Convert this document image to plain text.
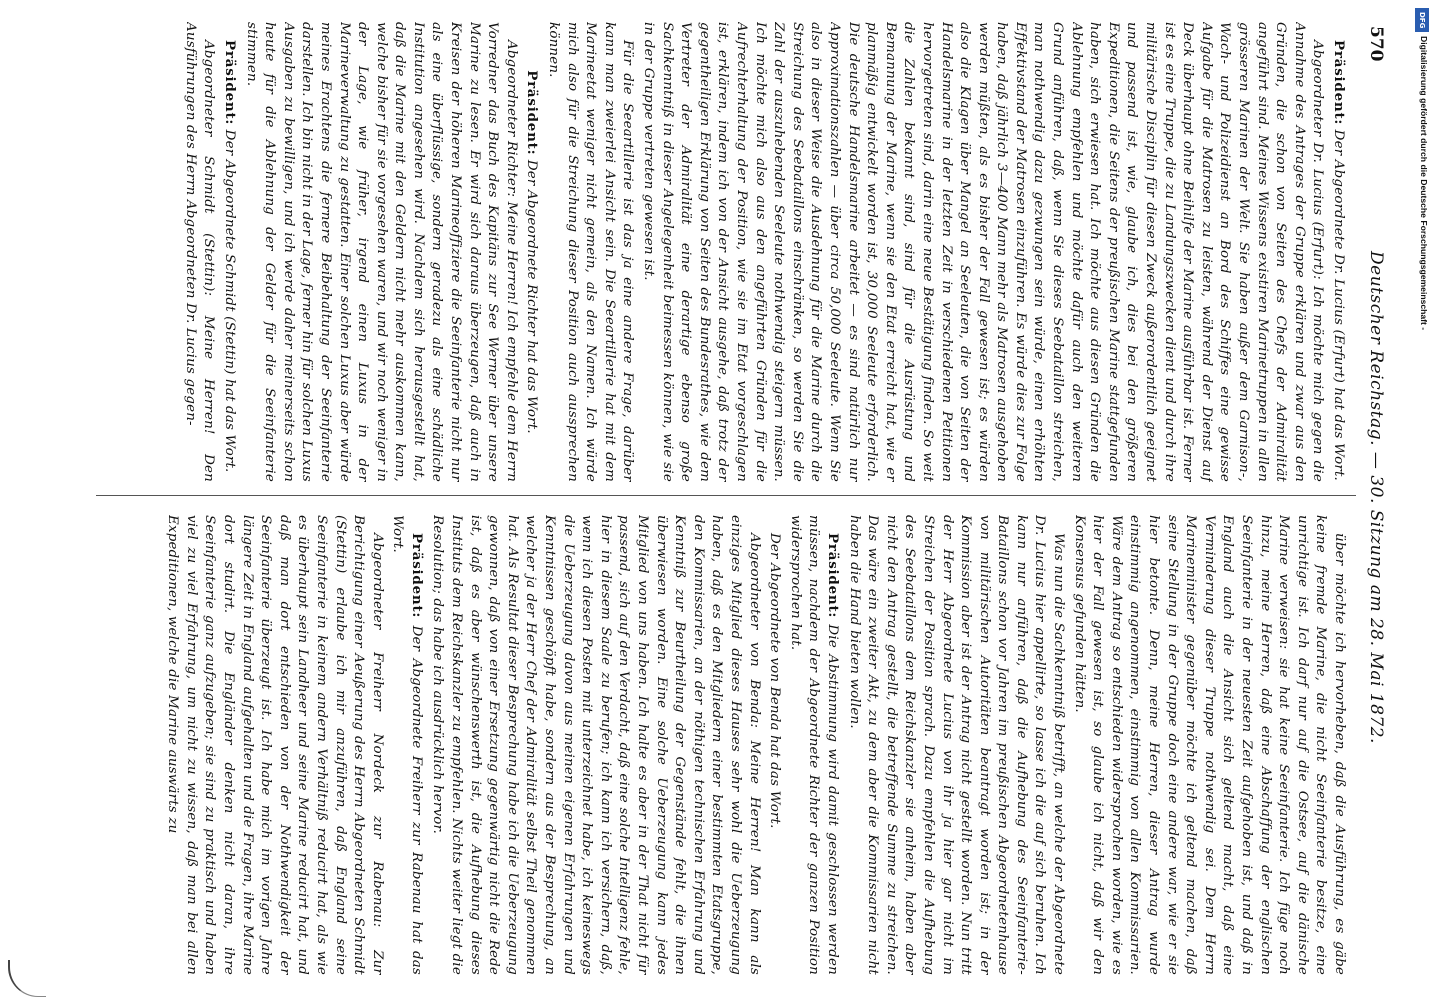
570
Deutscher Reichstag. — 30. Sitzung am 28. Mai 1872.

Präsident: Der Abgeordnete Dr. Lucius (Erfurt) hat das Wort.

Abgeordneter Dr. Lucius (Erfurt): Ich möchte mich gegen die Annahme des Antrages der Gruppe erklären und zwar aus den Gründen, die schon von Seiten des Chefs der Admiralität angeführt sind. Meines Wissens existiren Marinetruppen in allen grösseren Marinen der Welt. Sie haben außer dem Garnison-, Wach- und Polizeidienst an Bord des Schiffes eine gewisse Aufgabe für die Matrosen zu leisten, während der Dienst auf Deck überhaupt ohne Beihilfe der Marine ausführbar ist. Ferner ist es eine Truppe, die zu Landungszwecken dient und durch ihre militärische Disciplin für diesen Zweck außerordentlich geeignet und passend ist, wie, glaube ich, dies bei den größeren Expeditionen, die Seitens der preußischen Marine stattgefunden haben, sich erwiesen hat. Ich möchte aus diesen Gründen die Ablehnung empfehlen und möchte dafür auch den weiteren Grund anführen, daß, wenn Sie dieses Seebataillon streichen, man nothwendig dazu gezwungen sein würde, einen erhöhten Effektivstand der Matrosen einzuführen. Es würde dies zur Folge haben, daß jährlich 3—400 Mann mehr als Matrosen ausgehoben werden müßten, als es bisher der Fall gewesen ist; es würden also die Klagen über Mangel an Seeleuten, die von Seiten der Handelsmarine in der letzten Zeit in verschiedenen Petitionen hervorgetreten sind, darin eine neue Bestätigung finden. So weit die Zahlen bekannt sind, sind für die Ausrüstung und Bemannung der Marine, wenn sie den Etat erreicht hat, wie er planmäßig entwickelt worden ist, 30,000 Seeleute erforderlich. Die deutsche Handelsmarine arbeitet — es sind natürlich nur Approximationszahlen — über circa 50,000 Seeleute. Wenn Sie also in dieser Weise die Ausdehnung für die Marine durch die Streichung des Seebataillons einschränken, so werden Sie die Zahl der auszuhebenden Seeleute nothwendig steigern müssen. Ich möchte mich also aus den angeführten Gründen für die Aufrechterhaltung der Position, wie sie im Etat vorgeschlagen ist, erklären, indem ich von der Ansicht ausgehe, daß trotz der gegentheiligen Erklärung von Seiten des Bundesrathes, wie dem Vertreter der Admiralität eine derartige ebenso große Sachkenntniß in dieser Angelegenheit beimessen können, wie sie in der Gruppe vertreten gewesen ist.

Für die Seeartillerie ist das ja eine andere Frage, darüber kann man zweierlei Ansicht sein. Die Seeartillerie hat mit dem Marineetat weniger nicht gemein, als den Namen. Ich würde mich also für die Streichung dieser Position auch aussprechen können.

Präsident: Der Abgeordnete Richter hat das Wort.

Abgeordneter Richter: Meine Herren! Ich empfehle dem Herrn Vorredner das Buch des Kapitäns zur See Werner über unsere Marine zu lesen. Er wird sich daraus überzeugen, daß auch in Kreisen der höheren Marineoffiziere die Seeinfanterie nicht nur als eine überflüssige, sondern geradezu als eine schädliche Institution angesehen wird. Nachdem sich herausgestellt hat, daß die Marine mit den Geldern nicht mehr auskommen kann, welche bisher für sie vorgesehen waren, und wir noch weniger in der Lage, wie früher, irgend einen Luxus in der Marineverwaltung zu gestatten. Einer solchen Luxus aber würde meines Erachtens die fernere Beibehaltung der Seeinfanterie darstellen. Ich bin nicht in der Lage, ferner hin für solchen Luxus Ausgaben zu bewilligen, und ich werde daher meinerseits schon heute für die Ablehnung der Gelder für die Seeinfanterie stimmen.

Präsident: Der Abgeordnete Schmidt (Stettin) hat das Wort.

Abgeordneter Schmidt (Stettin): Meine Herren! Den Ausführungen des Herrn Abgeordneten Dr. Lucius gegen-

über möchte ich hervorheben, daß die Ausführung, es gäbe keine fremde Marine, die nicht Seeinfanterie besitze, eine unrichtige ist. Ich darf nur auf die Ostsee, auf die dänische Marine verweisen: sie hat keine Seeinfanterie. Ich füge noch hinzu, meine Herren, daß eine Abschaffung der englischen Seeinfanterie in der neuesten Zeit aufgehoben ist, und daß in England auch die Ansicht sich geltend macht, daß eine Verminderung dieser Truppe nothwendig sei. Dem Herrn Marineminister gegenüber möchte ich geltend machen, daß seine Stellung in der Gruppe doch eine andere war, wie er sie hier betonte. Denn, meine Herren, dieser Antrag wurde einstimmig angenommen, einstimmig von allen Kommissarien. Wäre dem Antrag so entschieden widersprochen worden, wie es hier der Fall gewesen ist, so glaube ich nicht, daß wir den Konsensus gefunden hätten.

Was nun die Sachkenntniß betrifft, an welche der Abgeordnete Dr. Lucius hier appellirte, so lasse ich die auf sich beruhen. Ich kann nur anführen, daß die Aufhebung des Seeinfanterie-Bataillons schon vor Jahren im preußischen Abgeordnetenhause von militärischen Autoritäten beantragt worden ist; in der Kommission aber ist der Antrag nicht gestellt worden. Nun tritt der Herr Abgeordnete Lucius von ihr ja hier gar nicht im Streichen der Position sprach. Dazu empfehlen die Aufhebung des Seebataillons dem Reichskanzler sie anheim, haben aber nicht den Antrag gestellt, die betreffende Summe zu streichen. Das wäre ein zweiter Akt, zu dem aber die Kommissarien nicht haben die Hand bieten wollen.

Präsident: Die Abstimmung wird damit geschlossen werden müssen, nachdem der Abgeordnete Richter der ganzen Position widersprochen hat.

Der Abgeordnete von Benda hat das Wort.

Abgeordneter von Benda: Meine Herren! Man kann als einziges Mitglied dieses Hauses sehr wohl die Ueberzeugung haben, daß es den Mitgliedern einer bestimmten Etatsgruppe, den Kommissarien, an der nöthigen technischen Erfahrung und Kenntniß zur Beurtheilung der Gegenstände fehlt, die ihnen überwiesen worden. Eine solche Ueberzeugung kann jedes Mitglied von uns haben. Ich halte es aber in der That nicht für passend, sich auf den Verdacht, daß eine solche Intelligenz fehle, hier in diesem Saale zu berufen; ich kann ich versichern, daß, wenn ich diesen Posten mit unterzeichnet habe, ich keineswegs die Ueberzeugung davon aus meinen eigenen Erfahrungen und Kenntnissen geschöpft habe, sondern aus der Besprechung, an welcher ja der Herr Chef der Admiralität selbst Theil genommen hat. Als Resultat dieser Besprechung habe ich die Ueberzeugung gewonnen, daß von einer Ersetzung gegenwärtig nicht die Rede ist, daß es aber wünschenswerth ist, die Aufhebung dieses Instituts dem Reichskanzler zu empfehlen. Nichts weiter liegt die Resolution; das habe ich ausdrücklich hervor.

Präsident: Der Abgeordnete Freiherr zur Rabenau hat das Wort.

Abgeordneter Freiherr Nordeck zur Rabenau: Zur Berichtigung einer Aeußerung des Herrn Abgeordneten Schmidt (Stettin) erlaube ich mir anzuführen, daß England seine Seeinfanterie in keinem andern Verhältniß reducirt hat, als wie es überhaupt sein Landheer und seine Marine reducirt hat, und daß man dort entschieden von der Nothwendigkeit der Seeinfanterie überzeugt ist. Ich habe mich im vorigen Jahre längere Zeit in England aufgehalten und die Fragen, ihre Marine dort studirt. Die Engländer denken nicht daran, ihre Seeinfanterie ganz aufzugeben; sie sind zu praktisch und haben viel zu viel Erfahrung, um nicht zu wissen, daß man bei allen Expeditionen, welche die Marine auswärts zu

DFG
Digitalisierung gefördert durch die Deutsche Forschungsgemeinschaft -
